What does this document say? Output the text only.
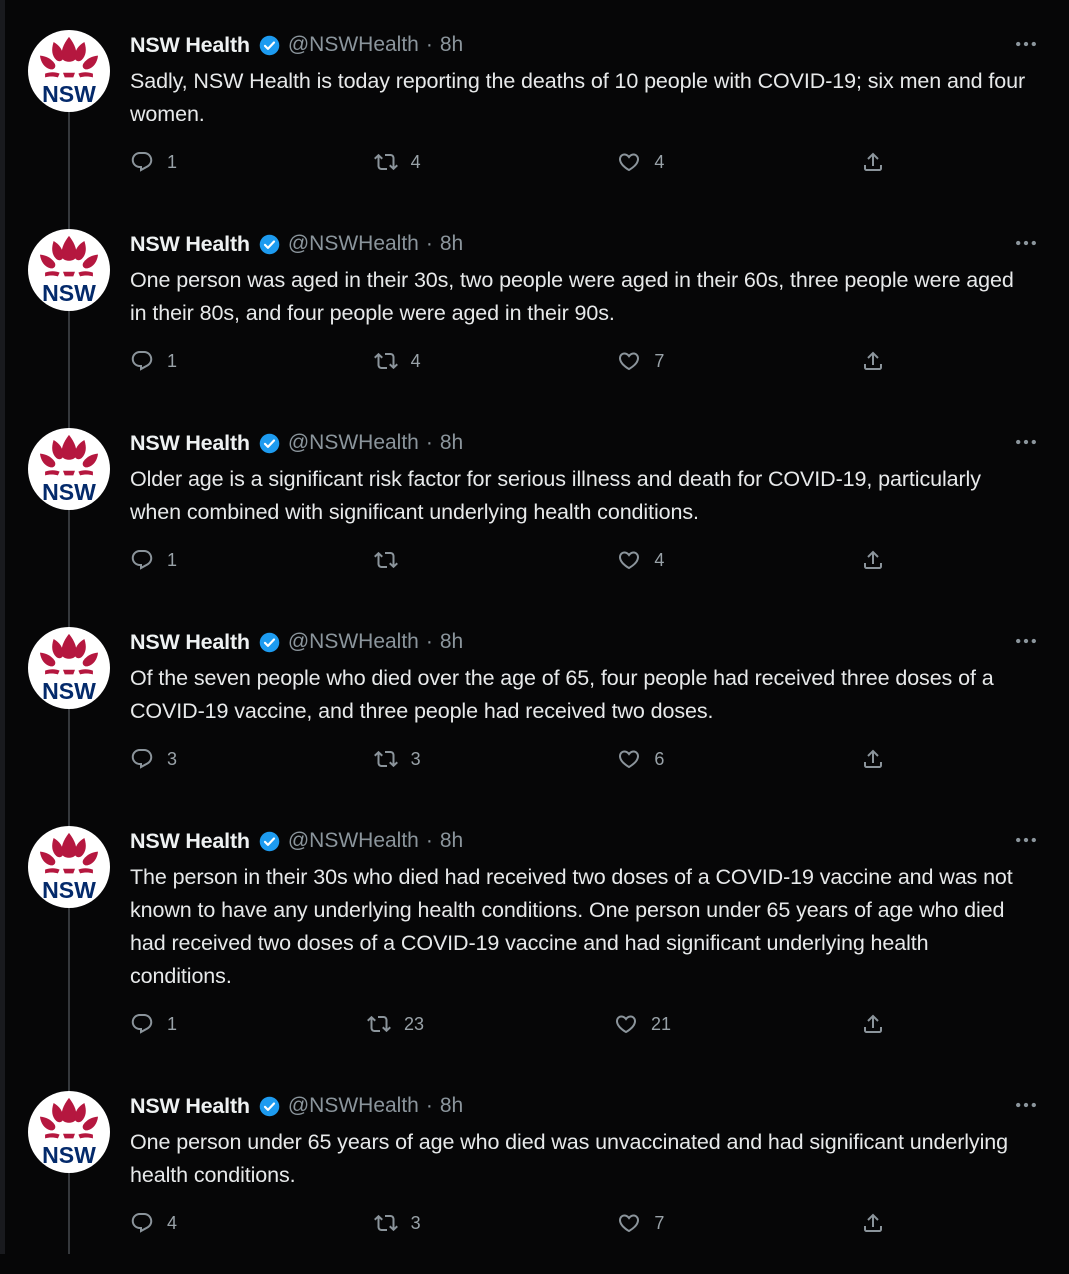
NSW
NSW Health @NSWHealth · 8h

Sadly, NSW Health is today reporting the deaths of 10 people with COVID-19; six men and four women.

1	4	4
NSW
NSW Health @NSWHealth · 8h

One person was aged in their 30s, two people were aged in their 60s, three people were aged in their 80s, and four people were aged in their 90s.

1	4	7
NSW
NSW Health @NSWHealth · 8h

Older age is a significant risk factor for serious illness and death for COVID-19, particularly when combined with significant underlying health conditions.

1	4
NSW
NSW Health @NSWHealth · 8h

Of the seven people who died over the age of 65, four people had received three doses of a COVID-19 vaccine, and three people had received two doses.

3	3	6
NSW
NSW Health @NSWHealth · 8h

The person in their 30s who died had received two doses of a COVID-19 vaccine and was not known to have any underlying health conditions. One person under 65 years of age who died had received two doses of a COVID-19 vaccine and had significant underlying health conditions.

1	23	21
NSW
NSW Health @NSWHealth · 8h

One person under 65 years of age who died was unvaccinated and had significant underlying health conditions.

4	3	7
